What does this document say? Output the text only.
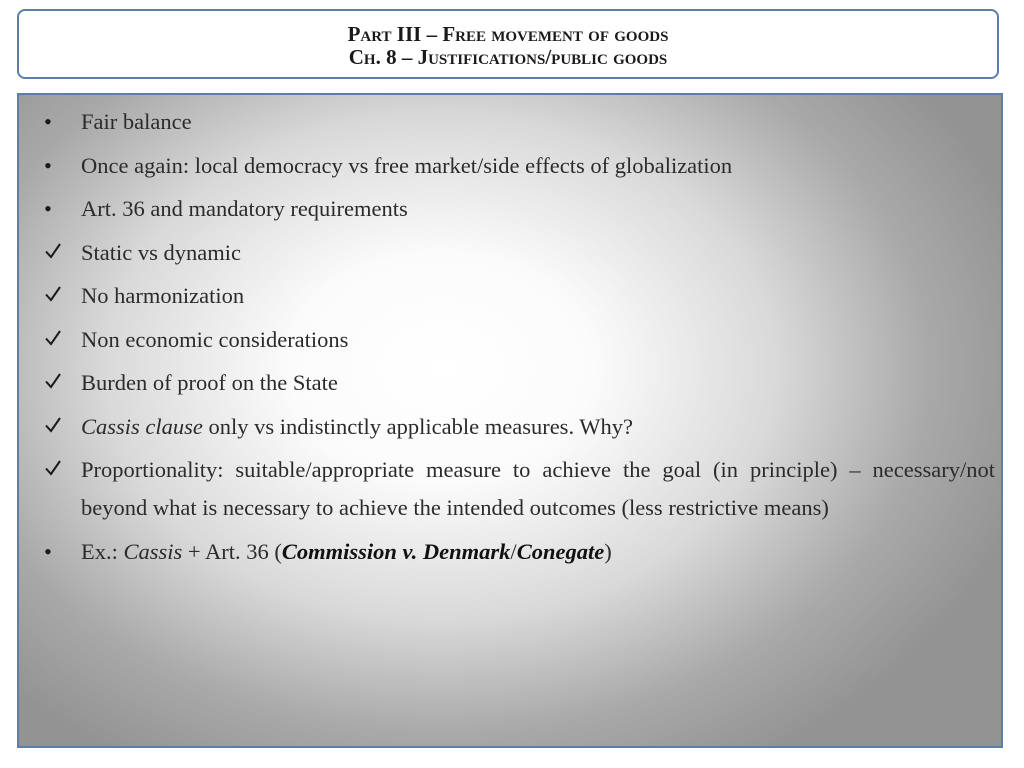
Part III – Free movement of goods
Ch. 8 – Justifications/public goods
•	Fair balance
•	Once again: local democracy vs free market/side effects of globalization
•	Art. 36 and mandatory requirements
Static vs dynamic
No harmonization
Non economic considerations
Burden of proof on the State
Cassis clause only vs indistinctly applicable measures. Why?
Proportionality: suitable/appropriate measure to achieve the goal (in principle) – necessary/not beyond what is necessary to achieve the intended outcomes (less restrictive means)
•	Ex.: Cassis + Art. 36 (Commission v. Denmark/Conegate)
